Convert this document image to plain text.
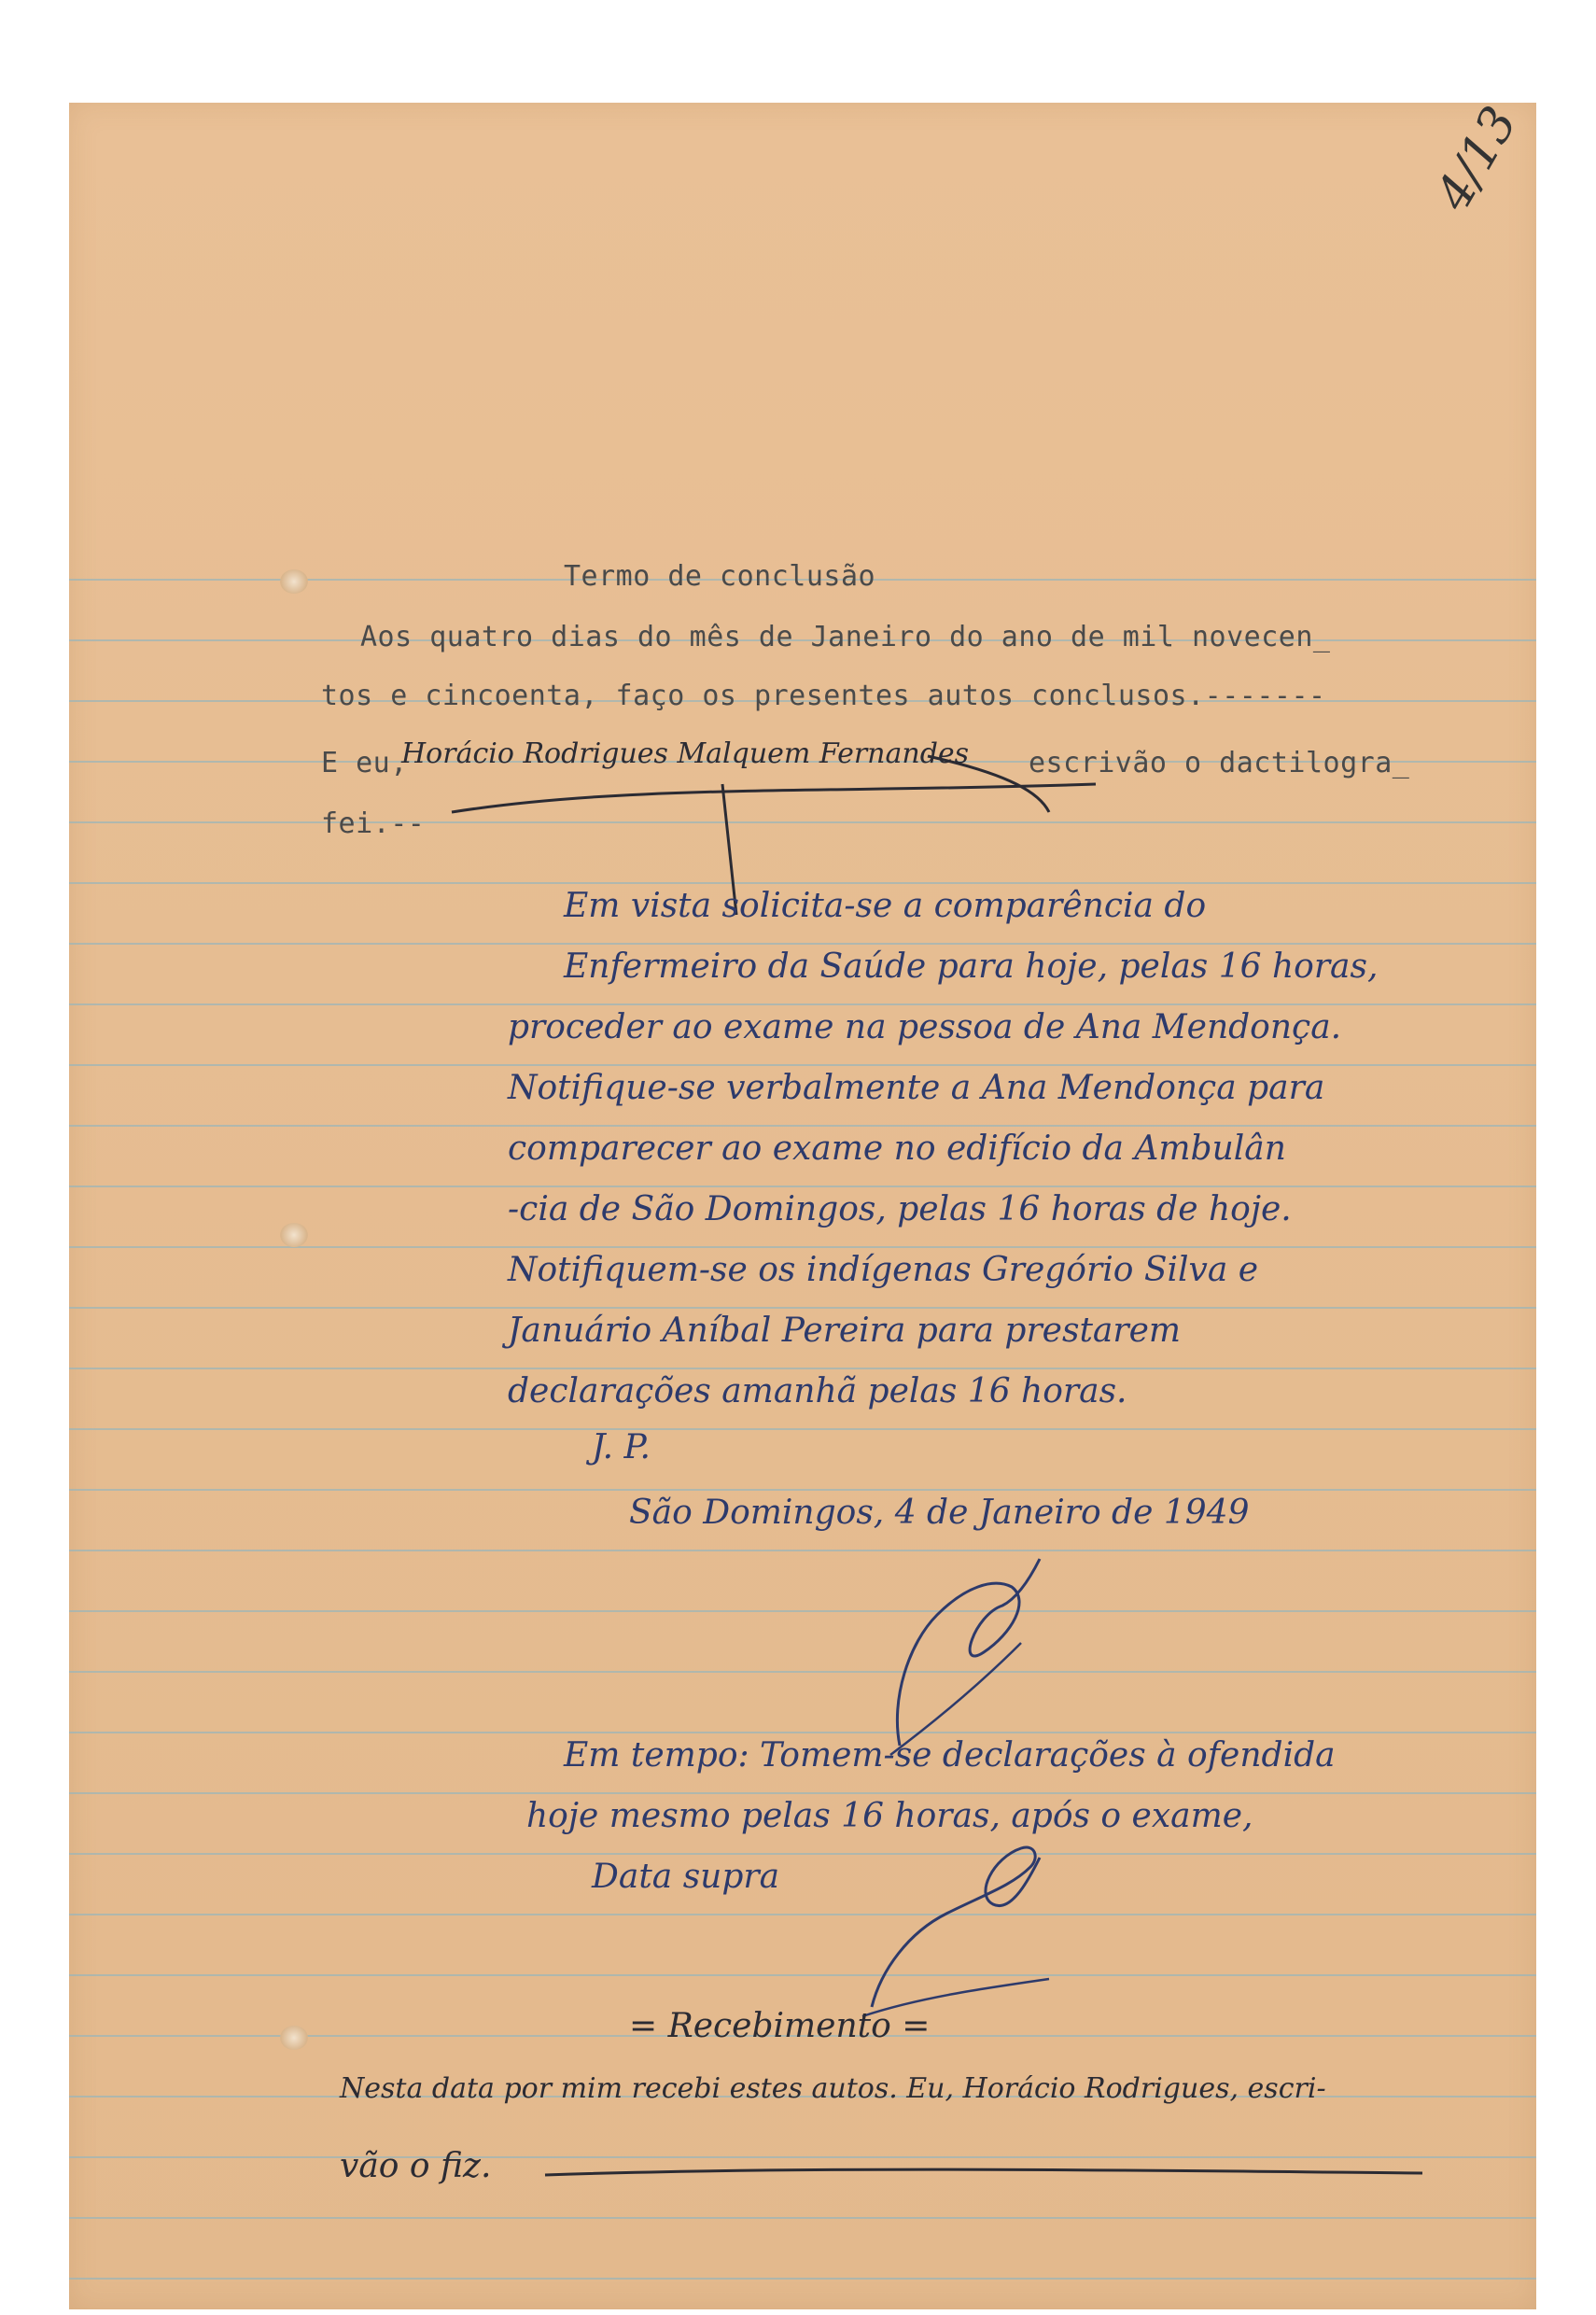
4/13
Termo de conclusão
Aos quatro dias do mês de Janeiro do ano de mil novecen_
tos e cincoenta, faço os presentes autos conclusos.-------
E eu,
Horácio Rodrigues Malquem Fernandes escrivão o dactilogra_
fei.--
Em vista solicita-se a comparência do
Enfermeiro da Saúde para hoje, pelas 16 horas,
proceder ao exame na pessoa de Ana Mendonça.
Notifique-se verbalmente a Ana Mendonça para
comparecer ao exame no edifício da Ambulân
-cia de São Domingos, pelas 16 horas de hoje.
Notifiquem-se os indígenas Gregório Silva e
Januário Aníbal Pereira para prestarem
declarações amanhã pelas 16 horas.
J. P.
São Domingos, 4 de Janeiro de 1949
Em tempo: Tomem-se declarações à ofendida
hoje mesmo pelas 16 horas, após o exame,
Data supra
= Recebimento =
Nesta data por mim recebi estes autos. Eu, Horácio Rodrigues, escri-
vão o fiz.
